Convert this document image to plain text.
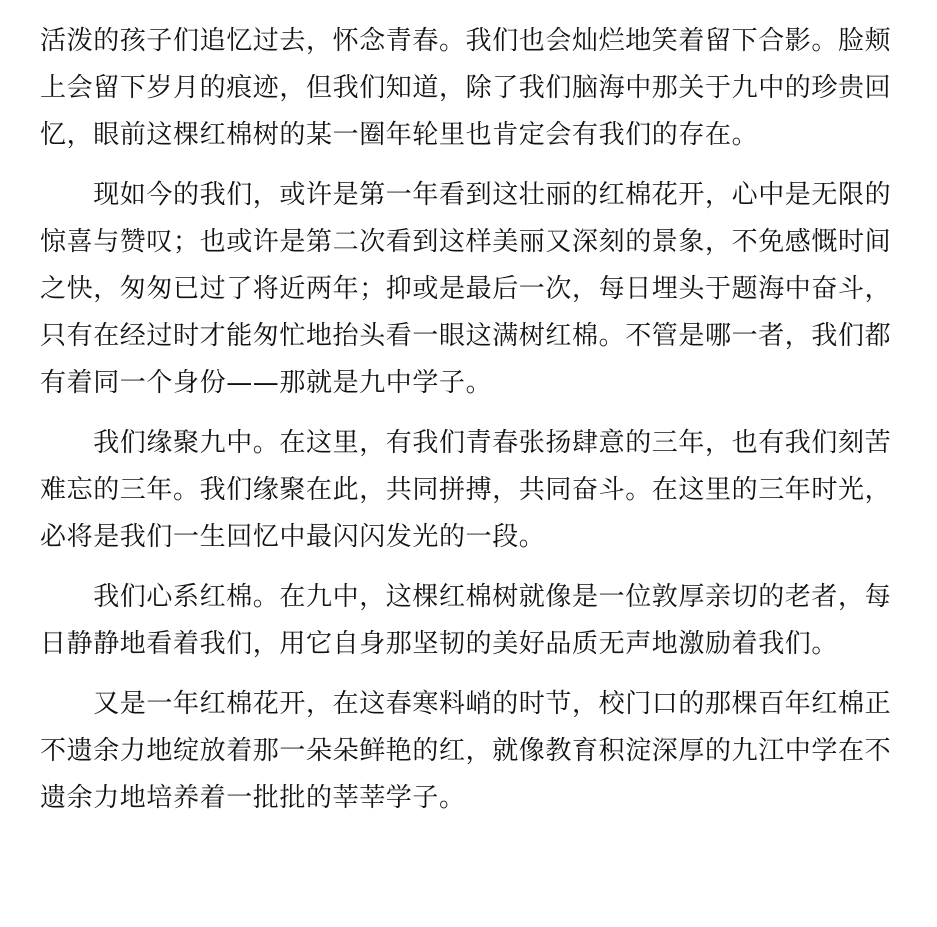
活泼的孩子们追忆过去，怀念青春。我们也会灿烂地笑着留下合影。脸颊上会留下岁月的痕迹，但我们知道，除了我们脑海中那关于九中的珍贵回忆，眼前这棵红棉树的某一圈年轮里也肯定会有我们的存在。

　　现如今的我们，或许是第一年看到这壮丽的红棉花开，心中是无限的惊喜与赞叹；也或许是第二次看到这样美丽又深刻的景象，不免感慨时间之快，匆匆已过了将近两年；抑或是最后一次，每日埋头于题海中奋斗，只有在经过时才能匆忙地抬头看一眼这满树红棉。不管是哪一者，我们都有着同一个身份——那就是九中学子。

　　我们缘聚九中。在这里，有我们青春张扬肆意的三年，也有我们刻苦难忘的三年。我们缘聚在此，共同拼搏，共同奋斗。在这里的三年时光，必将是我们一生回忆中最闪闪发光的一段。

　　我们心系红棉。在九中，这棵红棉树就像是一位敦厚亲切的老者，每日静静地看着我们，用它自身那坚韧的美好品质无声地激励着我们。

　　又是一年红棉花开，在这春寒料峭的时节，校门口的那棵百年红棉正不遗余力地绽放着那一朵朵鲜艳的红，就像教育积淀深厚的九江中学在不遗余力地培养着一批批的莘莘学子。
